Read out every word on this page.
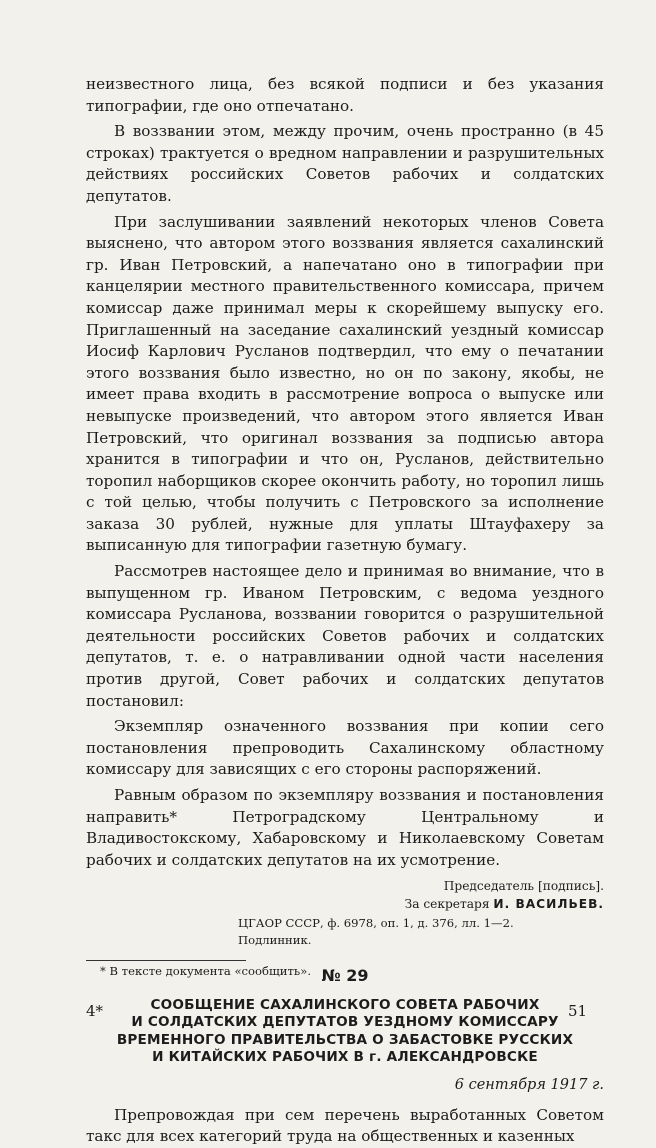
неизвестного лица, без всякой подписи и без указания типографии, где оно отпечатано.

В воззвании этом, между прочим, очень пространно (в 45 строках) трактуется о вредном направлении и разрушительных действиях российских Советов рабочих и солдатских депутатов.

При заслушивании заявлений некоторых членов Совета выяснено, что автором этого воззвания является сахалинский гр. Иван Петровский, а напечатано оно в типографии при канцелярии местного правительственного комиссара, причем комиссар даже принимал меры к скорейшему выпуску его. Приглашенный на заседание сахалинский уездный комиссар Иосиф Карлович Русланов подтвердил, что ему о печатании этого воззвания было известно, но он по закону, якобы, не имеет права входить в рассмотрение вопроса о выпуске или невыпуске произведений, что автором этого является Иван Петровский, что оригинал воззвания за подписью автора хранится в типографии и что он, Русланов, действительно торопил наборщиков скорее окончить работу, но торопил лишь с той целью, чтобы получить с Петровского за исполнение заказа 30 рублей, нужные для уплаты Штауфахеру за выписанную для типографии газетную бумагу.

Рассмотрев настоящее дело и принимая во внимание, что в выпущенном гр. Иваном Петровским, с ведома уездного комиссара Русланова, воззвании говорится о разрушительной деятельности российских Советов рабочих и солдатских депутатов, т. е. о натравливании одной части населения против другой, Совет рабочих и солдатских депутатов постановил:

Экземпляр означенного воззвания при копии сего постановления препроводить Сахалинскому областному комиссару для зависящих с его стороны распоряжений.

Равным образом по экземпляру воззвания и постановления направить* Петроградскому Центральному и Владивостокскому, Хабаровскому и Николаевскому Советам рабочих и солдатских депутатов на их усмотрение.

Председатель [подпись].
За секретаря И. ВАСИЛЬЕВ.
ЦГАОР СССР, ф. 6978, оп. 1, д. 376, лл. 1—2.
Подлинник.
№ 29
СООБЩЕНИЕ САХАЛИНСКОГО СОВЕТА РАБОЧИХ
И СОЛДАТСКИХ ДЕПУТАТОВ УЕЗДНОМУ КОМИССАРУ
ВРЕМЕННОГО ПРАВИТЕЛЬСТВА О ЗАБАСТОВКЕ РУССКИХ
И КИТАЙСКИХ РАБОЧИХ В г. АЛЕКСАНДРОВСКЕ
6 сентября 1917 г.

Препровождая при сем перечень выработанных Советом такс для всех категорий труда на общественных и казенных

* В тексте документа «сообщить».
4*	51
